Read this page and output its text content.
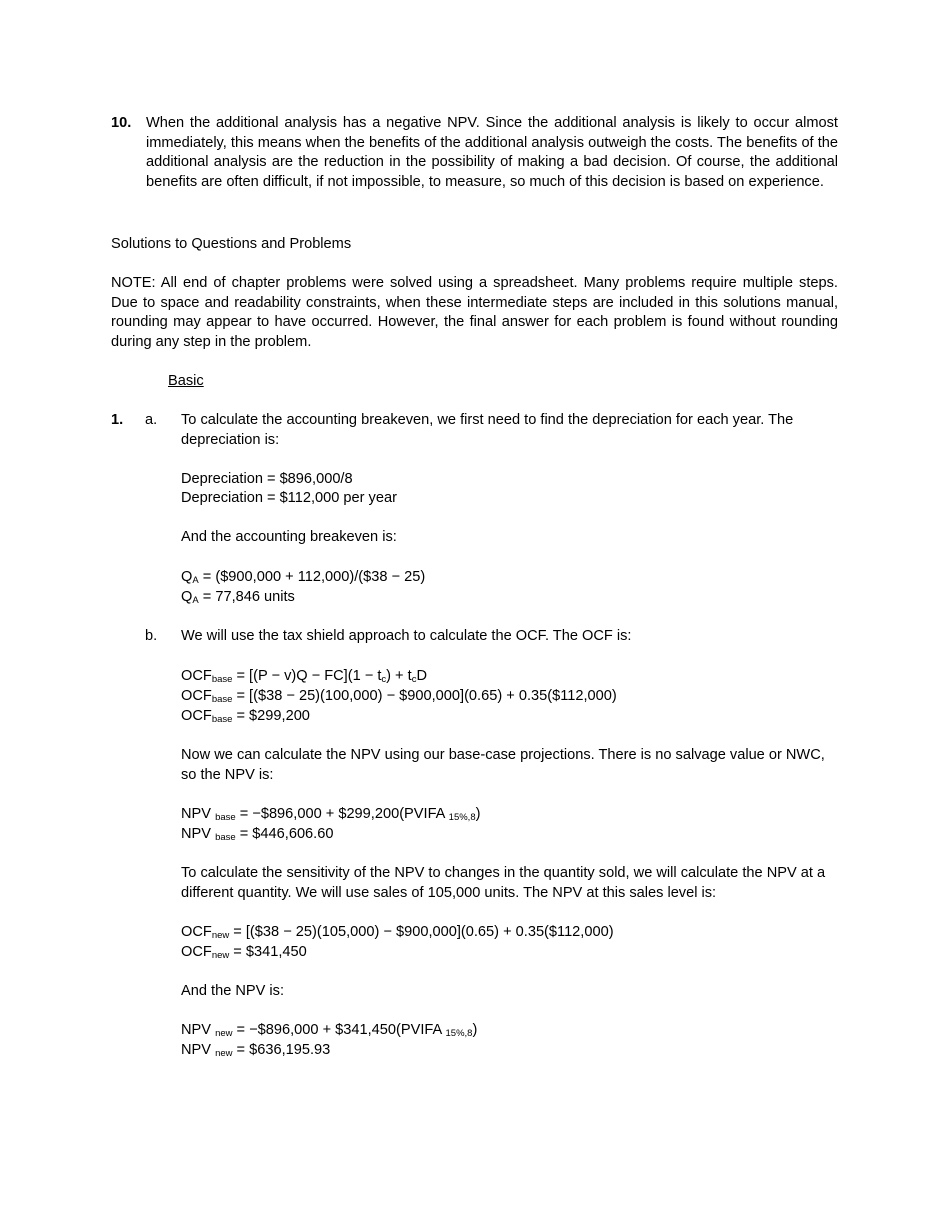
10. When the additional analysis has a negative NPV. Since the additional analysis is likely to occur almost immediately, this means when the benefits of the additional analysis outweigh the costs. The benefits of the additional analysis are the reduction in the possibility of making a bad decision. Of course, the additional benefits are often difficult, if not impossible, to measure, so much of this decision is based on experience.
Solutions to Questions and Problems
NOTE: All end of chapter problems were solved using a spreadsheet. Many problems require multiple steps. Due to space and readability constraints, when these intermediate steps are included in this solutions manual, rounding may appear to have occurred. However, the final answer for each problem is found without rounding during any step in the problem.
Basic
1. a. To calculate the accounting breakeven, we first need to find the depreciation for each year. The depreciation is:
Depreciation = $896,000/8
Depreciation = $112,000 per year
And the accounting breakeven is:
$Q_A$ = ($900,000 + 112,000)/($38 − 25)
$Q_A = 77,846$ units
b. We will use the tax shield approach to calculate the OCF. The OCF is:
$OCF_{base} = [(P - v)Q - FC](1 - t_c) + t_cD$
$OCF_{base}$ = [($38 − 25)(100,000) − $900,000](0.65) + 0.35($112,000)
$OCF_{base}$ = $299,200
Now we can calculate the NPV using our base-case projections. There is no salvage value or NWC, so the NPV is:
NPV $_{base}$ = −$896,000 + $299,200(PVIFA $_{15\%,8}$)
NPV $_{base}$ = $446,606.60
To calculate the sensitivity of the NPV to changes in the quantity sold, we will calculate the NPV at a different quantity. We will use sales of 105,000 units. The NPV at this sales level is:
$OCF_{new}$ = [($38 − 25)(105,000) − $900,000](0.65) + 0.35($112,000)
$OCF_{new}$ = $341,450
And the NPV is:
NPV $_{new}$ = −$896,000 + $341,450(PVIFA $_{15\%,8}$)
NPV $_{new}$ = $636,195.93
